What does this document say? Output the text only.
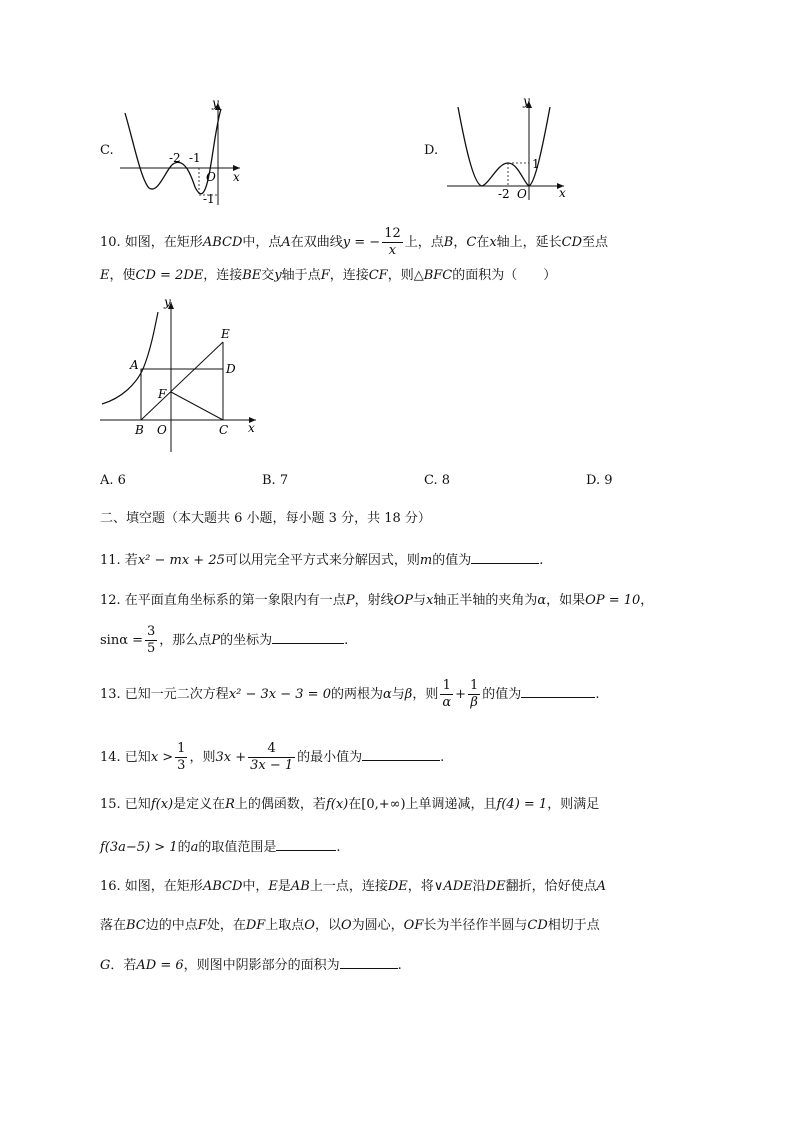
C.
y
x
O
-2 -1
-1
D.
y
x
O
-2
1
10. 如图，在矩形ABCD中，点A在双曲线y = − $\frac{12}{x}$ 上，点B，C在x轴上，延长CD至点
E，使CD = 2DE，连接BE交y轴于点F，连接CF，则△BFC的面积为（　　）
y
x
A
B	C
D
E
F
O
A. 6	B. 7	C. 8	D. 9
二、填空题（本大题共 6 小题，每小题 3 分，共 18 分）
11. 若x² − mx + 25可以用完全平方式来分解因式，则m的值为	.
12. 在平面直角坐标系的第一象限内有一点P，射线OP与x轴正半轴的夹角为α，如果OP = 10，
$\sin\alpha = \frac{3}{5}$ ，那么点P的坐标为	.
13. 已知一元二次方程x² − 3x − 3 = 0的两根为α与β，则 $\frac{1}{\alpha} + \frac{1}{\beta}$ 的值为	.
14. 已知$x > \frac{1}{3}$ ，则$3x + \frac{4}{3x - 1}$ 的最小值为	.
15. 已知f(x)是定义在R上的偶函数，若f(x)在[0,+∞)上单调递减，且f(4) = 1，则满足
f(3a−5) > 1的a的取值范围是	.
16. 如图，在矩形ABCD中，E是AB上一点，连接DE，将∨ADE沿DE翻折，恰好使点A
落在BC边的中点F处，在DF上取点O，以O为圆心，OF长为半径作半圆与CD相切于点
G．若AD = 6，则图中阴影部分的面积为	.
